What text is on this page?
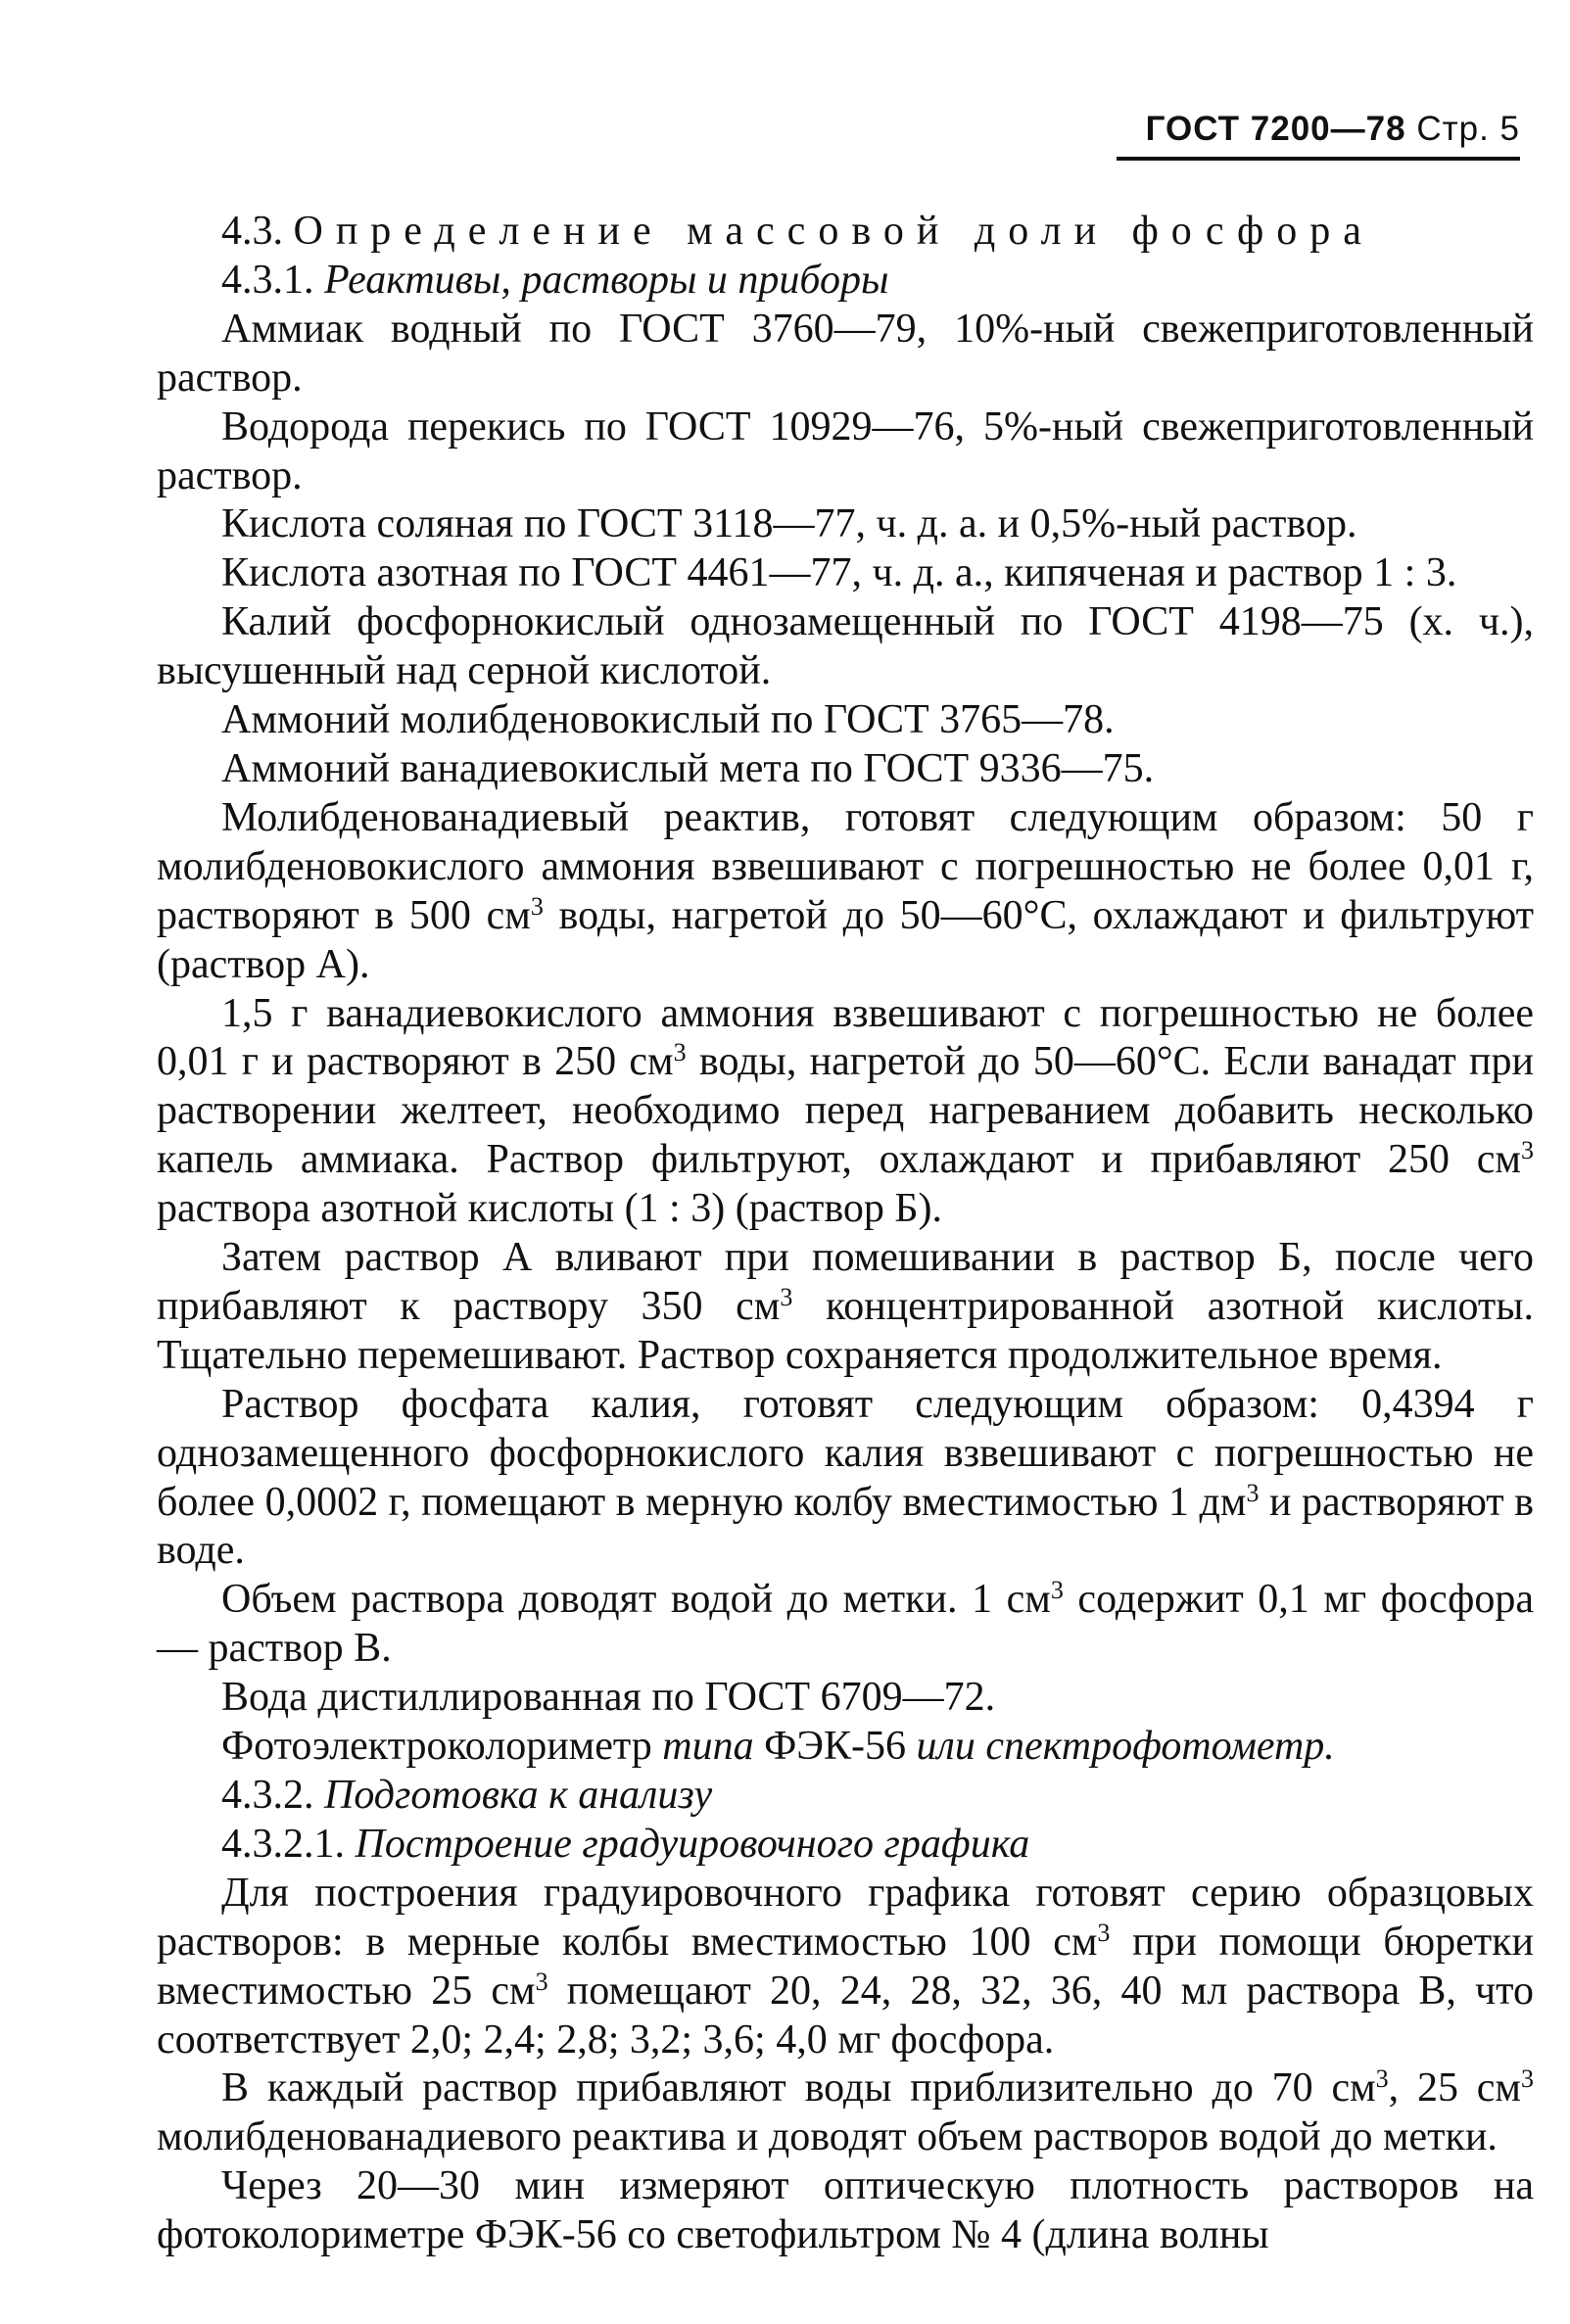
ГОСТ 7200—78 Стр. 5

4.3. Определение массовой доли фосфора

4.3.1. Реактивы, растворы и приборы

Аммиак водный по ГОСТ 3760—79, 10%-ный свежеприготовленный раствор.

Водорода перекись по ГОСТ 10929—76, 5%-ный свежеприготовленный раствор.

Кислота соляная по ГОСТ 3118—77, ч. д. а. и 0,5%-ный раствор.

Кислота азотная по ГОСТ 4461—77, ч. д. а., кипяченая и раствор 1 : 3.

Калий фосфорнокислый однозамещенный по ГОСТ 4198—75 (х. ч.), высушенный над серной кислотой.

Аммоний молибденовокислый по ГОСТ 3765—78.

Аммоний ванадиевокислый мета по ГОСТ 9336—75.

Молибденованадиевый реактив, готовят следующим образом: 50 г молибденовокислого аммония взвешивают с погрешностью не более 0,01 г, растворяют в 500 $см^3$ воды, нагретой до 50—60°С, охлаждают и фильтруют (раствор А).

1,5 г ванадиевокислого аммония взвешивают с погрешностью не более 0,01 г и растворяют в 250 $см^3$ воды, нагретой до 50—60°С. Если ванадат при растворении желтеет, необходимо перед нагреванием добавить несколько капель аммиака. Раствор фильтруют, охлаждают и прибавляют 250 $см^3$ раствора азотной кислоты (1 : 3) (раствор Б).

Затем раствор А вливают при помешивании в раствор Б, после чего прибавляют к раствору 350 $см^3$ концентрированной азотной кислоты. Тщательно перемешивают. Раствор сохраняется продолжительное время.

Раствор фосфата калия, готовят следующим образом: 0,4394 г однозамещенного фосфорнокислого калия взвешивают с погрешностью не более 0,0002 г, помещают в мерную колбу вместимостью 1 $дм^3$ и растворяют в воде.

Объем раствора доводят водой до метки. 1 $см^3$ содержит 0,1 мг фосфора — раствор В.

Вода дистиллированная по ГОСТ 6709—72.

Фотоэлектроколориметр типа ФЭК-56 или спектрофотометр.

4.3.2. Подготовка к анализу

4.3.2.1. Построение градуировочного графика

Для построения градуировочного графика готовят серию образцовых растворов: в мерные колбы вместимостью 100 $см^3$ при помощи бюретки вместимостью 25 $см^3$ помещают 20, 24, 28, 32, 36, 40 мл раствора В, что соответствует 2,0; 2,4; 2,8; 3,2; 3,6; 4,0 мг фосфора.

В каждый раствор прибавляют воды приблизительно до 70 $см^3$, 25 $см^3$ молибденованадиевого реактива и доводят объем растворов водой до метки.

Через 20—30 мин измеряют оптическую плотность растворов на фотоколориметре ФЭК-56 со светофильтром № 4 (длина волны
